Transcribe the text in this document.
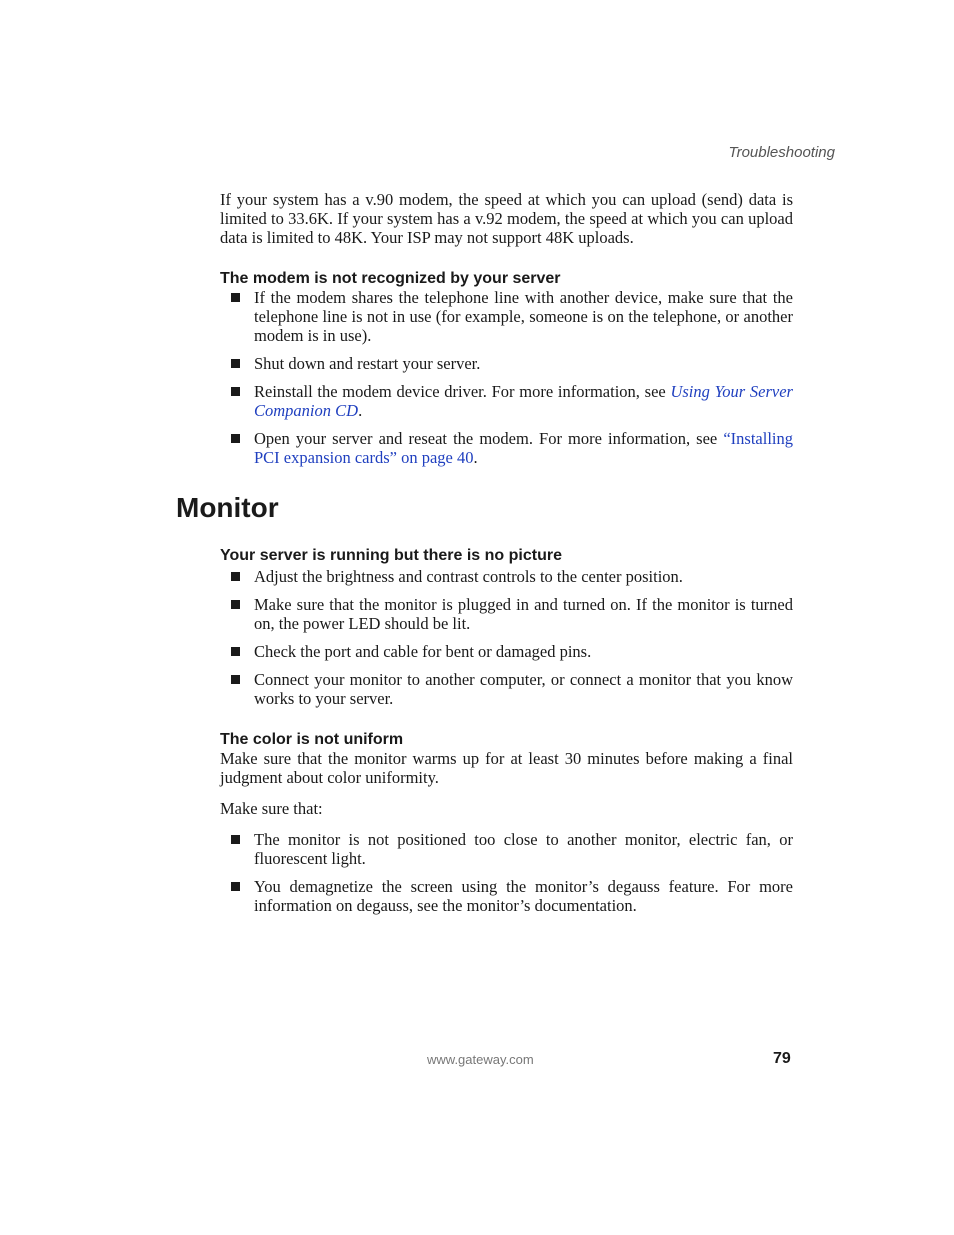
Troubleshooting

If your system has a v.90 modem, the speed at which you can upload (send) data is limited to 33.6K. If your system has a v.92 modem, the speed at which you can upload data is limited to 48K. Your ISP may not support 48K uploads.

The modem is not recognized by your server
If the modem shares the telephone line with another device, make sure that the telephone line is not in use (for example, someone is on the telephone, or another modem is in use).
Shut down and restart your server.
Reinstall the modem device driver. For more information, see Using Your Server Companion CD.
Open your server and reseat the modem. For more information, see “Installing PCI expansion cards” on page 40.
Monitor
Your server is running but there is no picture
Adjust the brightness and contrast controls to the center position.
Make sure that the monitor is plugged in and turned on. If the monitor is turned on, the power LED should be lit.
Check the port and cable for bent or damaged pins.
Connect your monitor to another computer, or connect a monitor that you know works to your server.
The color is not uniform

Make sure that the monitor warms up for at least 30 minutes before making a final judgment about color uniformity.

Make sure that:

The monitor is not positioned too close to another monitor, electric fan, or fluorescent light.
You demagnetize the screen using the monitor’s degauss feature. For more information on degauss, see the monitor’s documentation.
www.gateway.com	79
